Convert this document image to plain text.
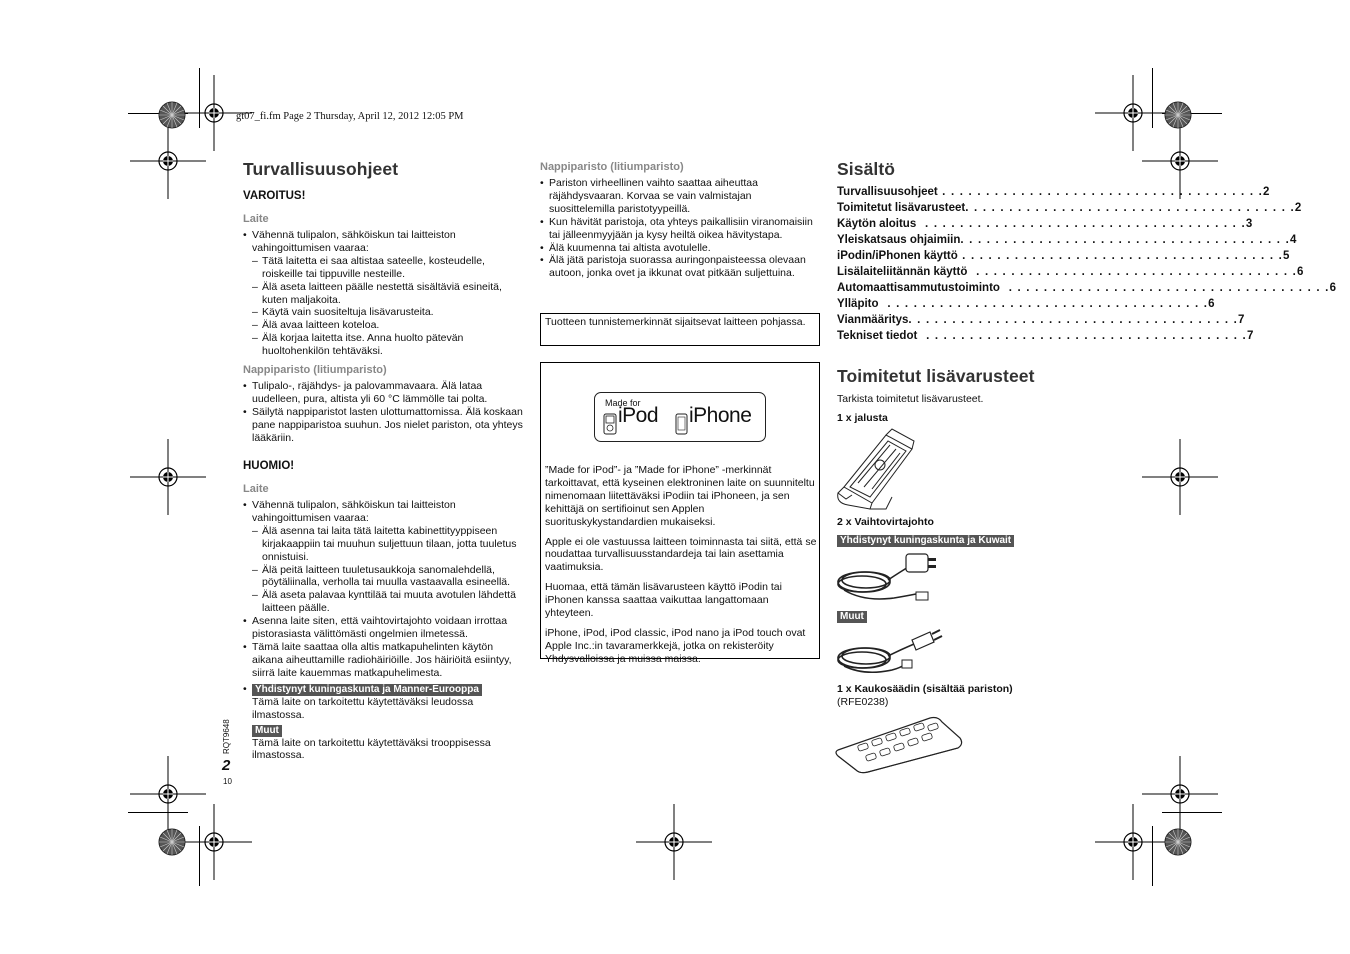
gt07_fi.fm Page 2 Thursday, April 12, 2012 12:05 PM
Turvallisuusohjeet
VAROITUS!
Laite
• Vähennä tulipalon, sähköiskun tai laitteiston vahingoittumisen vaaraa:
– Tätä laitetta ei saa altistaa sateelle, kosteudelle, roiskeille tai tippuville nesteille.
– Älä aseta laitteen päälle nestettä sisältäviä esineitä, kuten maljakoita.
– Käytä vain suositeltuja lisävarusteita.
– Älä avaa laitteen koteloa.
– Älä korjaa laitetta itse. Anna huolto pätevän huoltohenkilön tehtäväksi.
Nappiparisto (litiumparisto)
• Tulipalo-, räjähdys- ja palovammavaara. Älä lataa uudelleen, pura, altista yli 60 °C lämmölle tai polta.
• Säilytä nappiparistot lasten ulottumattomissa. Älä koskaan pane nappiparistoa suuhun. Jos nielet pariston, ota yhteys lääkäriin.
HUOMIO!
Laite
• Vähennä tulipalon, sähköiskun tai laitteiston vahingoittumisen vaaraa:
– Älä asenna tai laita tätä laitetta kabinettityyppiseen kirjakaappiin tai muuhun suljettuun tilaan, jotta tuuletus onnistuisi.
– Älä peitä laitteen tuuletusaukkoja sanomalehdellä, pöytäliinalla, verholla tai muulla vastaavalla esineellä.
– Älä aseta palavaa kynttilää tai muuta avotulen lähdettä laitteen päälle.
• Asenna laite siten, että vaihtovirtajohto voidaan irrottaa pistorasiasta välittömästi ongelmien ilmetessä.
• Tämä laite saattaa olla altis matkapuhelinten käytön aikana aiheuttamille radiohäiriöille. Jos häiriöitä esiintyy, siirrä laite kauemmas matkapuhelimesta.
• Yhdistynyt kuningaskunta ja Manner-Eurooppa
Tämä laite on tarkoitettu käytettäväksi leudossa ilmastossa.
Muut
Tämä laite on tarkoitettu käytettäväksi trooppisessa ilmastossa.
RQT9648
2
10
Nappiparisto (litiumparisto)
• Pariston virheellinen vaihto saattaa aiheuttaa räjähdysvaaran. Korvaa se vain valmistajan suosittelemilla paristotyypeillä.
• Kun hävität paristoja, ota yhteys paikallisiin viranomaisiin tai jälleenmyyjään ja kysy heiltä oikea hävitystapa.
• Älä kuumenna tai altista avotulelle.
• Älä jätä paristoja suorassa auringonpaisteessa olevaan autoon, jonka ovet ja ikkunat ovat pitkään suljettuina.
Tuotteen tunnistemerkinnät sijaitsevat laitteen pohjassa.
Made for
iPod iPhone

”Made for iPod”- ja ”Made for iPhone” -merkinnät tarkoittavat, että kyseinen elektroninen laite on suunniteltu nimenomaan liitettäväksi iPodiin tai iPhoneen, ja sen kehittäjä on sertifioinut sen Applen suorituskykystandardien mukaiseksi.

Apple ei ole vastuussa laitteen toiminnasta tai siitä, että se noudattaa turvallisuusstandardeja tai lain asettamia vaatimuksia.

Huomaa, että tämän lisävarusteen käyttö iPodin tai iPhonen kanssa saattaa vaikuttaa langattomaan yhteyteen.

iPhone, iPod, iPod classic, iPod nano ja iPod touch ovat Apple Inc.:in tavaramerkkejä, jotka on rekisteröity Yhdysvalloissa ja muissa maissa.

Sisältö
Turvallisuusohjeet . . . . . . . . . . . . . . . . . . . . . . . . . . . . . . . . . . . . . 2
Toimitetut lisävarusteet . . . . . . . . . . . . . . . . . . . . . . . . . . . . . . . . . . . . . . 2
Käytön aloitus . . . . . . . . . . . . . . . . . . . . . . . . . . . . . . . . . . . . . 3
Yleiskatsaus ohjaimiin . . . . . . . . . . . . . . . . . . . . . . . . . . . . . . . . . . . . . . 4
iPodin/iPhonen käyttö . . . . . . . . . . . . . . . . . . . . . . . . . . . . . . . . . . . . . 5
Lisälaiteliitännän käyttö . . . . . . . . . . . . . . . . . . . . . . . . . . . . . . . . . . . . . 6
Automaattisammutustoiminto . . . . . . . . . . . . . . . . . . . . . . . . . . . . . . . . . . . . . 6
Ylläpito . . . . . . . . . . . . . . . . . . . . . . . . . . . . . . . . . . . . . 6
Vianmääritys . . . . . . . . . . . . . . . . . . . . . . . . . . . . . . . . . . . . . . 7
Tekniset tiedot . . . . . . . . . . . . . . . . . . . . . . . . . . . . . . . . . . . . . 7
Toimitetut lisävarusteet
Tarkista toimitetut lisävarusteet.
1 x jalusta
2 x Vaihtovirtajohto
Yhdistynyt kuningaskunta ja Kuwait
Muut
1 x Kaukosäädin (sisältää pariston)
(RFE0238)
